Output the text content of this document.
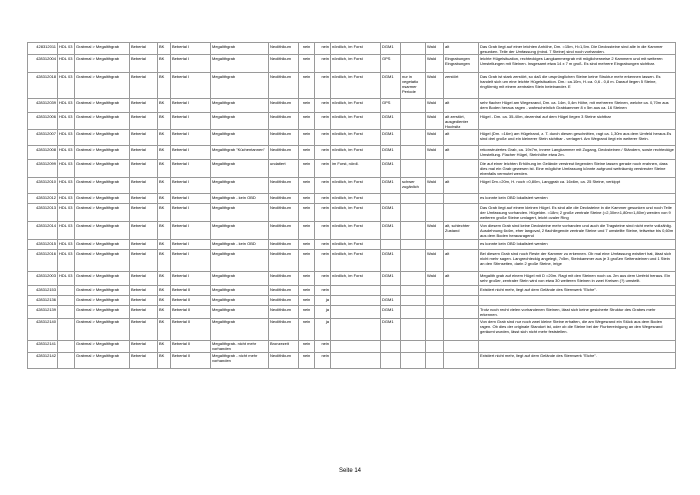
428312011	HDL 03	Grabmal > Megalithgrab	Bebertal	BK	Bebertal I	Megalithgrab	Neolithikum	nein	nein	nördlich, im Forst	DGM1		Wald	alt	Das Grab liegt auf einer leichten Anhöhe, Dm. =15m, H=1,5m. Die Deckssteine sind alle in die Kammer gesunken. Teile der Umfassung (mind. 7 Steine) sind noch vorhanden.
428312004	HDL 03	Grabmal > Megalithgrab	Bebertal	BK	Bebertal I	Megalithgrab	Neolithikum	nein	nein	nördlich, im Forst	GPS		Wald	Eingrabungen Eingrabungen	leichte Hügelsituation, rechteckiges Langkammergrab mit möglicherweise 2 Kammern und mit weiteren Umstellungen mit Steinen. Insgesamt etwa 14 x 7 m groß. Es sind mehrere Eingrabungen sichtbar.
428312018	HDL 03	Grabmal > Megalithgrab	Bebertal	BK	Bebertal I	Megalithgrab	Neolithikum	nein	nein	nördlich, im Forst	DGM1	nur in vegetatio nsarmer Periode	Wald	zerstört	Das Grab ist stark zerstört, so daß die ursprünglichen Steine keine Struktur mehr erkennen lassen. Es handelt sich um eine leichte Hügelsituation. Dm.: ca.10m, H.:ca. 0,6 - 0,8 m. Darauf liegen 5 Steine, ringförmig mit einem zentralen Stein beieinander. E
428312039	HDL 03	Grabmal > Megalithgrab	Bebertal	BK	Bebertal I	Megalithgrab	Neolithikum	nein	nein	nördlich, im Forst	GPS		Wald	alt	sehr flacher Hügel am Wegesrand, Dm. ca. 14m, 0,4m Höhe, mit mehreren Steinen, welche ca. 0,70m aus dem Boden heraus ragen - wahrscheinlich Grabkammer 8 x 5m aus ca. 16 Steinen
428312006	HDL 03	Grabmal > Megalithgrab	Bebertal	BK	Bebertal I	Megalithgrab	Neolithikum	nein	nein	nördlich, im Forst	DGM1		Wald	alt zerstört, ausgedienter Hochsitz	Hügel - Dm. ca. 35-40m, dezentral auf dem Hügel liegen 3 Steine sichtbar
428312007	HDL 03	Grabmal > Megalithgrab	Bebertal	BK	Bebertal I	Megalithgrab	Neolithikum	nein	nein	nördlich, im Forst	DGM1		Wald	alt	Hügel (Dm. =16m) am Hügelrand, z. T. durch diesen geschnitten, ragt ca. 1,30m aus dem Umfeld heraus.Es sind drei große und ein kleinerer Stein sichtbar - verlagert. Am Wegrand liegt ein weiterer Stein.
428312008	HDL 03	Grabmal > Megalithgrab	Bebertal	BK	Bebertal I	Megalithgrab "Küchentannen"	Neolithikum	nein	nein	nördlich, im Forst	DGM1		Wald	alt	rekonstruiertes Grab, ca. 19x7m, innere Langkammer mit Zugang, Decksteinen / Ständern, sowie rechteckige Umstellung. Flacher Hügel, Steinhöhe etwa 2m.
428312099	HDL 03	Grabmal > Megalithgrab	Bebertal	BK	Bebertal I	Megalithgrab	undatiert	nein	nein	im Forst, nördl.	DGM1				Die auf einer leichten Erhöhung im Gelände verstreut liegenden Steine lassen gerade noch erahnen, dass dies mal ein Grab gewesen ist. Eine mögliche Umfassung könnte aufgrund weiträumig verstreuter Steine ebenfalls vermutet werden.
428312010	HDL 03	Grabmal > Megalithgrab	Bebertal	BK	Bebertal I	Megalithgrab	Neolithikum	nein	nein	nördlich, im Forst	DGM1	schwer zugänlich	Wald	alt	Hügel Dm.=20m, H. noch =0,80m, Langgrab ca. 16x6m, ca. 25 Steine, verkippt
428312012	HDL 03	Grabmal > Megalithgrab	Bebertal	BK	Bebertal I	Megalithgrab - kein OBD	Neolithikum	nein	nein	nördlich, im Forst					es konnte kein OBD lokalisiert werden
428312013	HDL 03	Grabmal > Megalithgrab	Bebertal	BK	Bebertal I	Megalithgrab	Neolithikum	nein	nein	nördlich, im Forst	DGM1				Das Grab liegt auf einem kleinen Hügel. Es sind alle die Decksteine in die Kammer gesunken und noch Teile der Umfassung vorhanden. Hügeldm. =18m; 2 große zentrale Steine (=2,30m×1,80m×1,80m) werden von 9 weiteren große Steine umlagert, leicht ovaler Ring
428312014	HDL 03	Grabmal > Megalithgrab	Bebertal	BK	Bebertal I	Megalithgrab	Neolithikum	nein	nein	nördlich, im Forst	DGM1		Wald	alt, schlechter Zustand	Von diesem Grab sind keine Decksteine mehr vorhanden und auch die Tragsteine sind nicht mehr vollzählig. Ausdehnung 6x4m, eher langoval, 2 flachliegende zentrale Steine und 7 umstellte Steine, teilweise bis 0,60m aus dem Boden herausragend
428312015	HDL 03	Grabmal > Megalithgrab	Bebertal	BK	Bebertal I	Megalithgrab - kein OBD	Neolithikum	nein	nein	nördlich, im Forst					es konnte kein OBD lokalisiert werden
428312016	HDL 03	Grabmal > Megalithgrab	Bebertal	BK	Bebertal I	Megalithgrab	Neolithikum	nein	nein	nördlich, im Forst	DGM1		Wald	alt	Bei diesem Grab sind noch Reste der Kammer zu erkennen. Ob mal eine Umfassung existiert hat, lässt sich nicht mehr sagen. Langrechteckig angelegt, 7x5m, Steinkammer aus je 3 großen Seitensteinen und 1 Stein an den Stirnseiten, darin 2 große Steine, irrige
428312003	HDL 03	Grabmal > Megalithgrab	Bebertal	BK	Bebertal I	Megalithgrab	Neolithikum	nein	nein	nördlich, im Forst	DGM1		Wald	alt	Megalith grab auf einem Hügel mit D =20m. Ragt mit den Steinen noch ca. 2m aus dem Umfeld heraus. Ein sehr großer, zentraler Stein wird von etwa 30 weiteren Steinen in zwei Kreisen (?) umstellt.
428312153		Grabmal > Megalithgrab	Bebertal	BK	Bebertal II	Megalithgrab	Neolithikum	nein	nein						Existiert nicht mehr, liegt auf dem Gelände des Sternwerk "Eiche".
428312136		Grabmal > Megalithgrab	Bebertal	BK	Bebertal II	Megalithgrab	Neolithikum	nein	ja		DGM1				
428312139		Grabmal > Megalithgrab	Bebertal	BK	Bebertal II	Megalithgrab	Neolithikum	nein	ja		DGM1				Trotz noch recht vielen vorhandenen Steinen, lässt sich keine gesicherte Struktur des Grabes mehr erkennen.
428312140		Grabmal > Megalithgrab	Bebertal	BK	Bebertal II	Megalithgrab	Neolithikum	nein	ja		DGM1				Von dem Grab sind nur noch zwei kleine Steine erhalten, die am Wegesrand ein Stück aus dem Boden ragen. Ob dies der originale Standort ist, oder ob die Steine bei der Flurbereinigung an den Wegesrand geräumt wurden, lässt sich nicht mehr feststellen.
428312141		Grabmal > Megalithgrab	Bebertal	BK	Bebertal II	Megalithgrab- nicht mehr vorhanden	Bronzezeit	nein	nein						
428312142		Grabmal > Megalithgrab	Bebertal	BK	Bebertal II	Megalithgrab - nicht mehr vorhanden	Neolithikum	nein	nein						Existiert nicht mehr, liegt auf dem Gelände des Sternwerk "Eiche".
Seite 14
